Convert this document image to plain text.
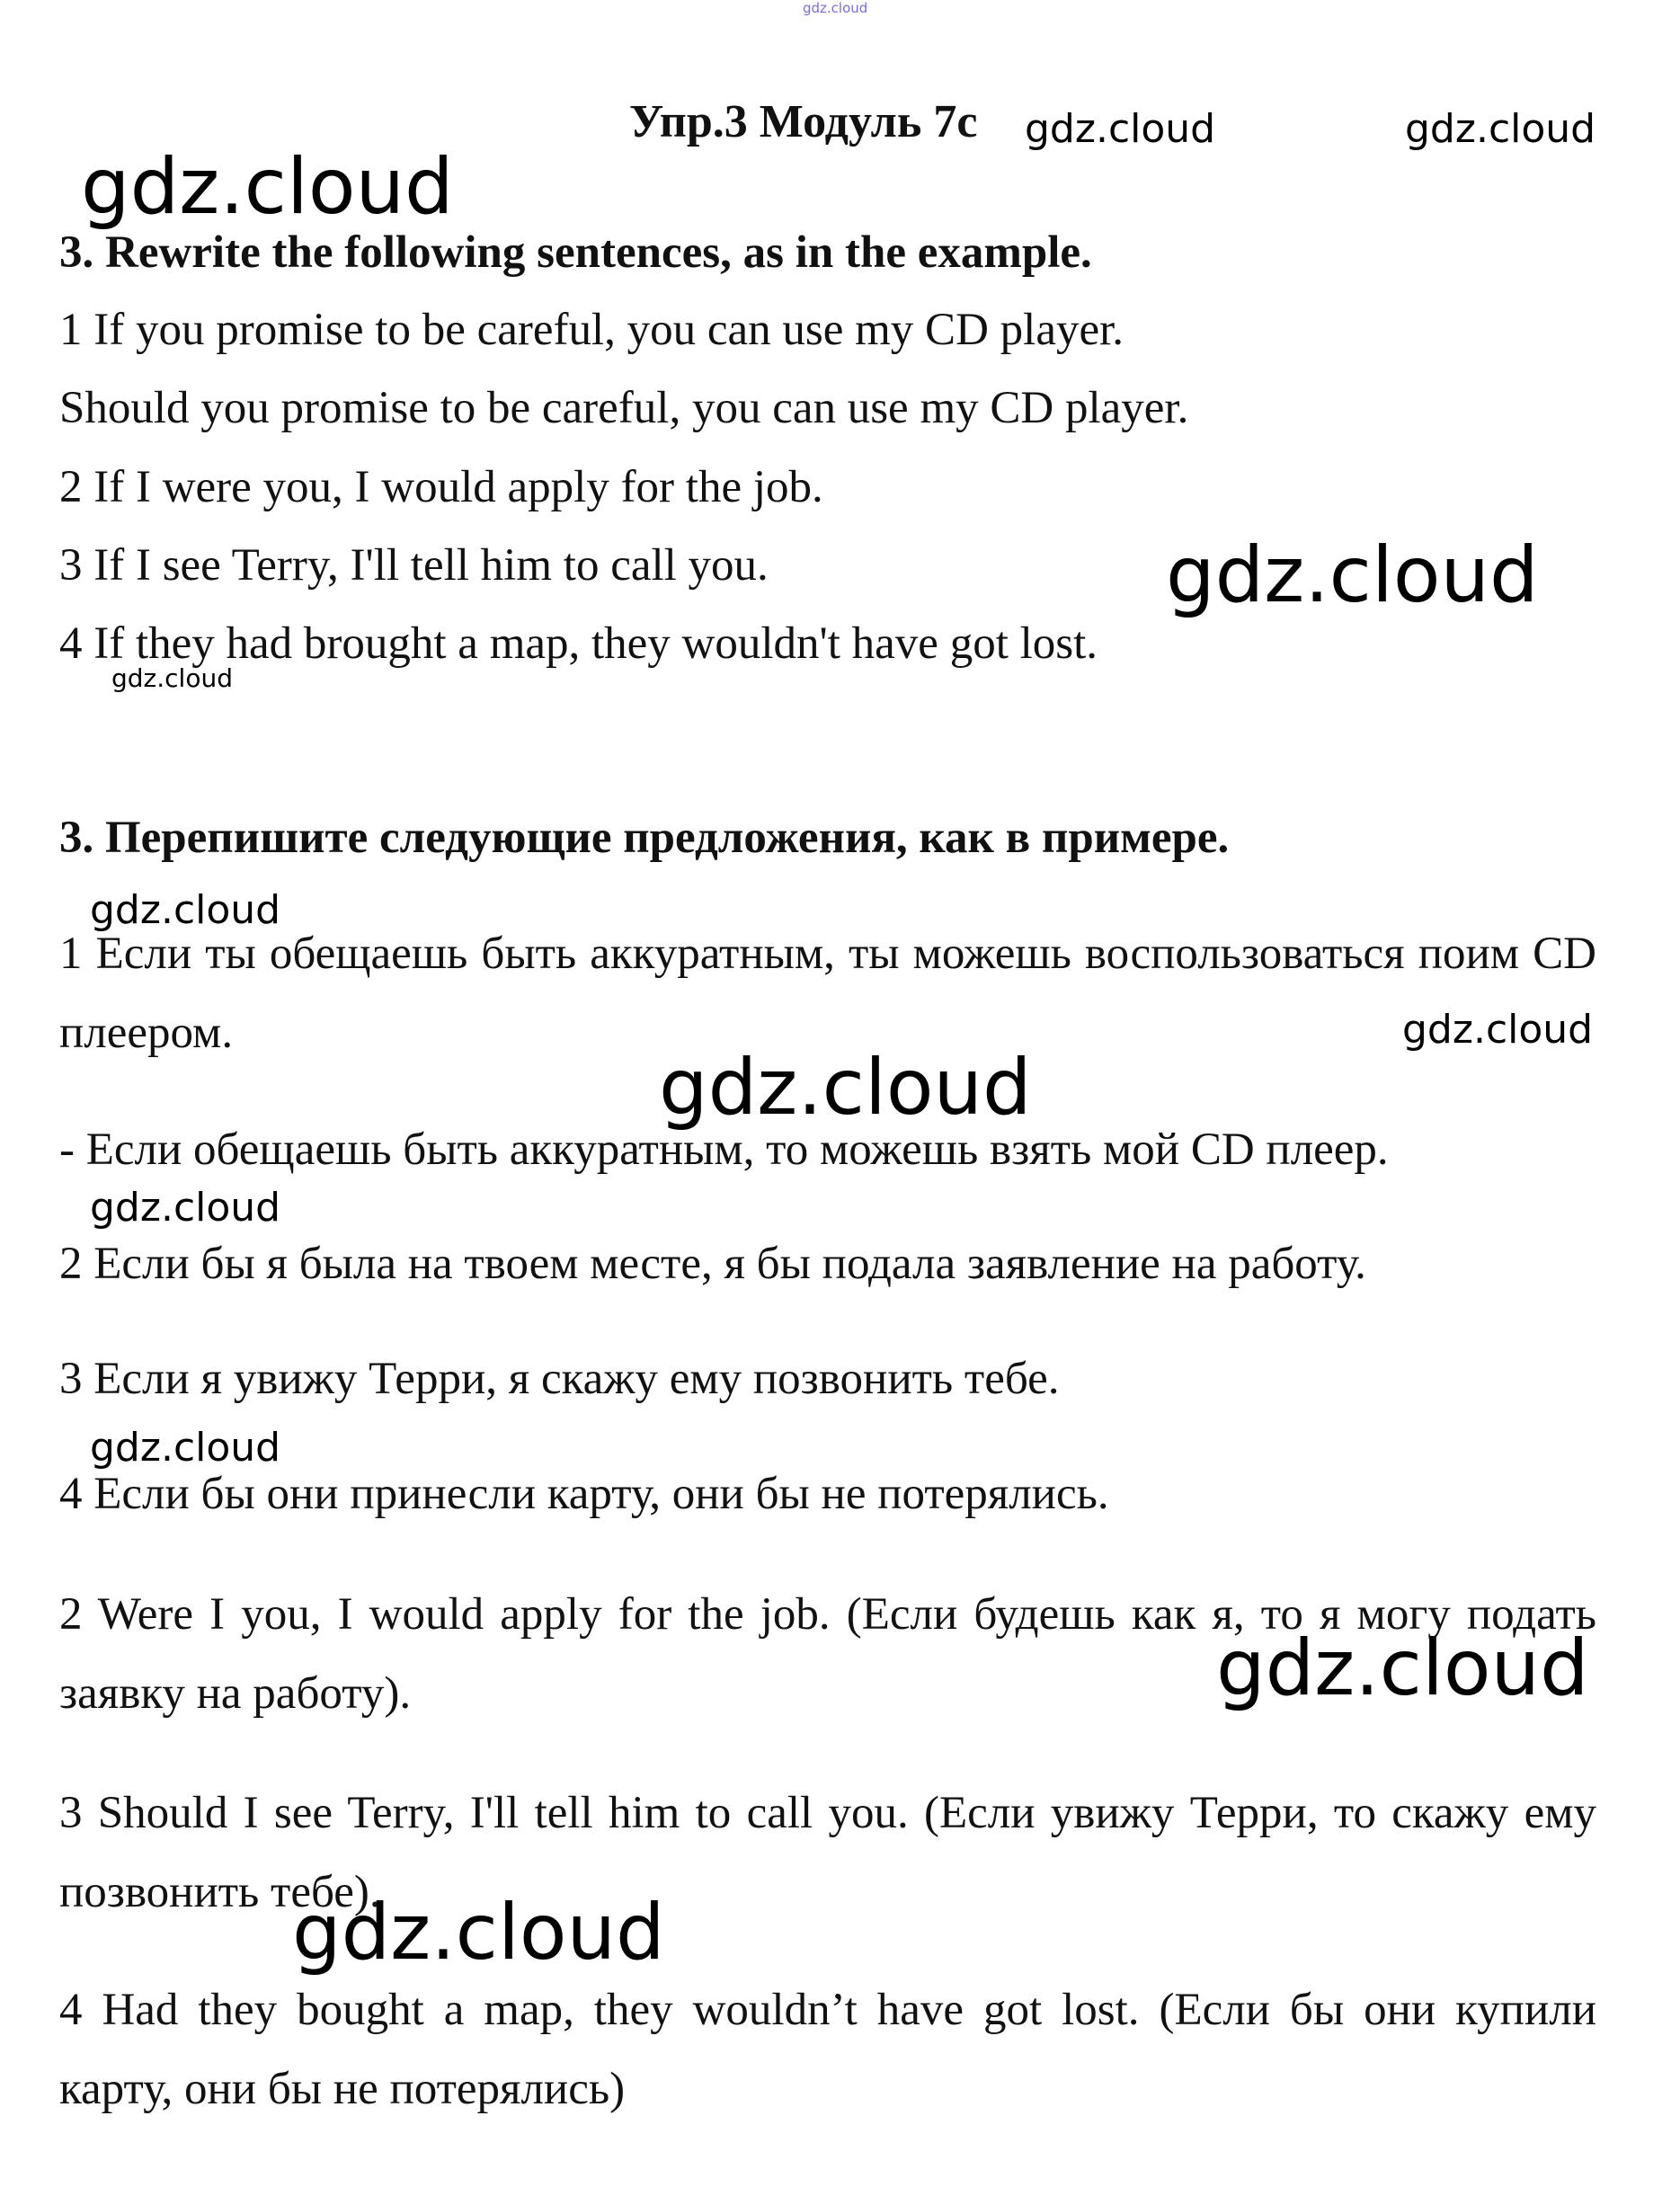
Упр.3 Модуль 7c
3. Rewrite the following sentences, as in the example.
1 If you promise to be careful, you can use my CD player.
Should you promise to be careful, you can use my CD player.
2 If I were you, I would apply for the job.
3 If I see Terry, I'll tell him to call you.
4 If they had brought a map, they wouldn't have got lost.
3. Перепишите следующие предложения, как в примере.
1 Если ты обещаешь быть аккуратным, ты можешь воспользоваться поим CD плеером.
- Если обещаешь быть аккуратным, то можешь взять мой CD плеер.
2 Если бы я была на твоем месте, я бы подала заявление на работу.
3 Если я увижу Терри, я скажу ему позвонить тебе.
4 Если бы они принесли карту, они бы не потерялись.
2 Were I you, I would apply for the job. (Если будешь как я, то я могу подать заявку на работу).
3 Should I see Terry, I'll tell him to call you. (Если увижу Терри, то скажу ему позвонить тебе).
4 Had they bought a map, they wouldn’t have got lost. (Если бы они купили карту, они бы не потерялись)
gdz.cloud
gdz.cloud	gdz.cloud
gdz.cloud
gdz.cloud
gdz.cloud
gdz.cloud
gdz.cloud
gdz.cloud
gdz.cloud
gdz.cloud
gdz.cloud
gdz.cloud
